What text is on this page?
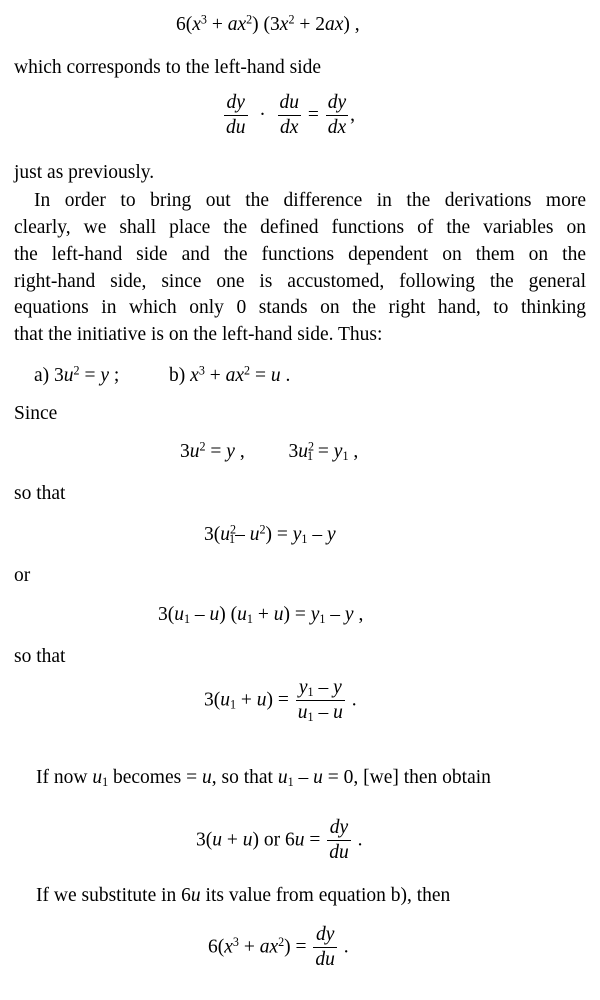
$6(x^3 + ax^2) (3x^2 + 2ax)$ ,
which corresponds to the left-hand side
$\frac{dy}{du} \cdot \frac{du}{dx} = \frac{dy}{dx}$ ,
just as previously.
In order to bring out the difference in the derivations more
clearly, we shall place the defined functions of the variables on
the left-hand side and the functions dependent on them on the
right-hand side, since one is accustomed, following the general
equations in which only 0 stands on the right hand, to thinking
that the initiative is on the left-hand side. Thus:
a) $3u^2 = y$ ;  b) $x^3 + ax^2 = u$ .
Since
$3u^2 = y$ ,  $3u^2_1 = y_1$ ,
so that
$3(u^2_1-$ $u^2) = y_1 - y$
or
$3(u_1 - u) (u_1 + u) = y_1 - y$ ,
so that
$3(u_1 + u) = \frac{y_1 - y}{u_1 - u}$ .
If now $u_1$ becomes = u, so that $u_1 - u = 0$, [we] then obtain
3(u + u) or $6u = \frac{dy}{du}$ .
If we substitute in 6u its value from equation b), then
$6(x^3 + ax^2) = \frac{dy}{du}$ .
